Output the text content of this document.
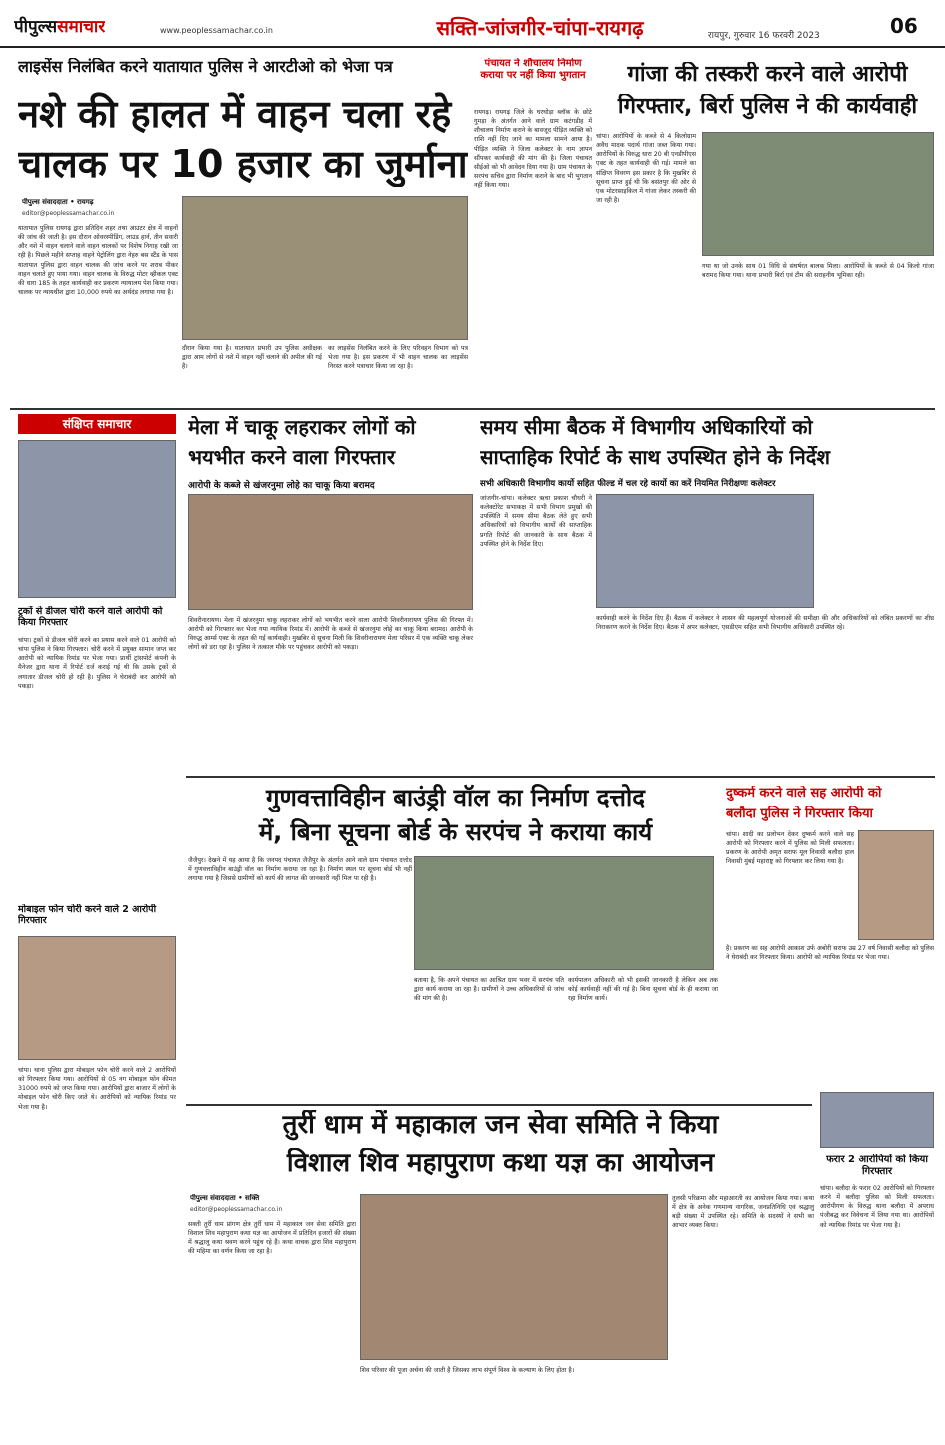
पीपुल्ससमाचार	www.peoplessamachar.co.in	सक्ति-जांजगीर-चांपा-रायगढ़	रायपुर, गुरुवार 16 फरवरी 2023	06
लाइसेंस निलंबित करने यातायात पुलिस ने आरटीओ को भेजा पत्र
नशे की हालत में वाहन चला रहे
चालक पर 10 हजार का जुर्माना
पीपुल्स संवाददाता • रायगढ़
editor@peoplessamachar.co.in
यातायात पुलिस रायगढ़ द्वारा प्रतिदिन शहर तथा आउटर क्षेत्र में वाहनों की जांच की जाती है। इस दौरान ओवरस्पीडिंग, लाउड हार्न, तीन सवारी और नशे में वाहन चलाने वाले वाहन चालकों पर विशेष निगाह रखी जा रही है। पिछले महीने सप्ताह वाहने पेट्रोलिंग द्वारा नेहरु बस स्टैंड के पास यातायात पुलिस द्वारा वाहन चालक की जांच करने पर शराब पीकर वाहन चलाते हुए पाया गया। वाहन चालक के विरुद्ध मोटर व्हीकल एक्ट की धारा 185 के तहत कार्यवाही कर प्रकरण न्यायालय पेश किया गया। चालक पर न्यायधीश द्वारा 10,000 रुपये का अर्थदंड लगाया गया है।
दौरान किया गया है। यातायात प्रभारी उप पुलिस अधीक्षक द्वारा आम लोगों से नशे में वाहन नहीं चलाने की अपील की गई है।
का लाइसेंस निलंबित करने के लिए परिवहन विभाग को पत्र भेजा गया है। इस प्रकरण में भी वाहन चालक का लाइसेंस निरस्त करने पत्राचार किया जा रहा है।
पंचायत ने शौचालय निर्माण कराया पर नहीं किया भुगतान
रायगढ़। रायगढ़ जिले के घरघोड़ा ब्लॉक के छोटे गुमड़ा के अंतर्गत आने वाले ग्राम कटंगडीह में शौचालय निर्माण कराने के बावजूद पीड़ित व्यक्ति को राशि नहीं दिए जाने का मामला सामने आया है। पीड़ित व्यक्ति ने जिला कलेक्टर के नाम ज्ञापन सौंपकर कार्यवाही की मांग की है। जिला पंचायत सीईओ को भी आवेदन दिया गया है। ग्राम पंचायत के सरपंच सचिव द्वारा निर्माण कराने के बाद भी भुगतान नहीं किया गया।
गांजा की तस्करी करने वाले आरोपी
गिरफ्तार, बिर्रा पुलिस ने की कार्यवाही
चांपा। आरोपियों के कब्जे से 4 किलोग्राम अवैध मादक पदार्थ गांजा जब्त किया गया। आरोपियों के विरुद्ध धारा 20 बी एनडीपीएस एक्ट के तहत कार्यवाही की गई। मामले का संक्षिप्त विवरण इस प्रकार है कि मुखबिर से सूचना प्राप्त हुई थी कि बसंतपुर की ओर से एक मोटरसाइकिल में गांजा लेकर तस्करी की जा रही है।
गया था जो उनके साथ 01 विधि से संघर्षरत बालक मिला। आरोपियों के कब्जे से 04 किलो गांजा बरामद किया गया। थाना प्रभारी बिर्रा एवं टीम की सराहनीय भूमिका रही।
संक्षिप्त समाचार
ट्रकों से डीजल चोरी करने वाले आरोपी को किया गिरफ्तार
चांपा। ट्रकों से डीजल चोरी करने का प्रयास करने वाले 01 आरोपी को चांपा पुलिस ने किया गिरफ्तार। चोरी करने में प्रयुक्त सामान जप्त कर आरोपी को न्यायिक रिमांड पर भेजा गया। प्रार्थी ट्रांसपोर्ट कंपनी के मैनेजर द्वारा थाना में रिपोर्ट दर्ज कराई गई थी कि उसके ट्रकों से लगातार डीजल चोरी हो रही है। पुलिस ने घेराबंदी कर आरोपी को पकड़ा।
मोबाइल फोन चोरी करने वाले 2 आरोपी गिरफ्तार
चांपा। थाना पुलिस द्वारा मोबाइल फोन चोरी करने वाले 2 आरोपियों को गिरफ्तार किया गया। आरोपियों से 05 नग मोबाइल फोन कीमत 31000 रुपये को जप्त किया गया। आरोपियों द्वारा बाजार में लोगों के मोबाइल फोन चोरी किए जाते थे। आरोपियों को न्यायिक रिमांड पर भेजा गया है।
मेला में चाकू लहराकर लोगों को
भयभीत करने वाला गिरफ्तार
आरोपी के कब्जे से खंजरनुमा लोहे का चाकू किया बरामद
शिवरीनारायण। मेला में खंजरनुमा चाकू लहराकर लोगों को भयभीत करने वाला आरोपी शिवरीनारायण पुलिस की गिरफ्त में। आरोपी को गिरफ्तार कर भेजा गया न्यायिक रिमांड में। आरोपी के कब्जे से खंजरनुमा लोहे का चाकू किया बरामद। आरोपी के विरुद्ध आर्म्स एक्ट के तहत की गई कार्यवाही। मुखबिर से सूचना मिली कि शिवरीनारायण मेला परिसर में एक व्यक्ति चाकू लेकर लोगों को डरा रहा है। पुलिस ने तत्काल मौके पर पहुंचकर आरोपी को पकड़ा।
समय सीमा बैठक में विभागीय अधिकारियों को
साप्ताहिक रिपोर्ट के साथ उपस्थित होने के निर्देश
सभी अधिकारी विभागीय कार्यो सहित फील्ड में चल रहे कार्यो का करें नियमित निरीक्षणः कलेक्टर
जांजगीर-चांपा। कलेक्टर ऋचा प्रकाश चौधरी ने कलेक्टोरेट सभाकक्ष में सभी विभाग प्रमुखों की उपस्थिति में समय सीमा बैठक लेते हुए सभी अधिकारियों को विभागीय कार्यों की साप्ताहिक प्रगति रिपोर्ट की जानकारी के साथ बैठक में उपस्थित होने के निर्देश दिए।
कार्यवाही करने के निर्देश दिए हैं। बैठक में कलेक्टर ने शासन की महत्वपूर्ण योजनाओं की समीक्षा की और अधिकारियों को लंबित प्रकरणों का शीघ्र निराकरण करने के निर्देश दिए। बैठक में अपर कलेक्टर, एसडीएम सहित सभी विभागीय अधिकारी उपस्थित रहे।
गुणवत्ताविहीन बाउंड्री वॉल का निर्माण दत्तोद
में, बिना सूचना बोर्ड के सरपंच ने कराया कार्य
जैजैपुर। देखने में यह आया है कि जनपद पंचायत जैजैपुर के अंतर्गत आने वाले ग्राम पंचायत दत्तोद में गुणवत्ताविहीन बाउंड्री वॉल का निर्माण कराया जा रहा है। निर्माण स्थल पर सूचना बोर्ड भी नहीं लगाया गया है जिससे ग्रामीणों को कार्य की लागत की जानकारी नहीं मिल पा रही है।
बताया है, कि अपने पंचायत का आश्रित ग्राम भवर में सरपंच पति द्वारा कार्य कराया जा रहा है। ग्रामीणों ने उच्च अधिकारियों से जांच की मांग की है।
कार्यपालन अधिकारी को भी इसकी जानकारी है लेकिन अब तक कोई कार्यवाही नहीं की गई है। बिना सूचना बोर्ड के ही कराया जा रहा निर्माण कार्य।
दुष्कर्म करने वाले सह आरोपी को
बलौदा पुलिस ने गिरफ्तार किया
चांपा। शादी का प्रलोभन देकर दुष्कर्म करने वाले सह आरोपी को गिरफ्तार करने में पुलिस को मिली सफलता। प्रकरण के आरोपी अमृत सराफ मूल निवासी बलौदा हाल निवासी मुंबई महाराष्ट्र को गिरफ्तार कर लिया गया है।
है। प्रकरण का सह आरोपी आकाश उर्फ अबोरी सराफ उम्र 27 वर्ष निवासी बलौदा को पुलिस ने घेराबंदी कर गिरफ्तार किया। आरोपी को न्यायिक रिमांड पर भेजा गया।
फरार 2 आरोपियों को किया गिरफ्तार
चांपा। बलौदा के फरार 02 आरोपियों को गिरफ्तार करने में बलौदा पुलिस को मिली सफलता। आरोपीगण के विरुद्ध थाना बलौदा में अपराध पंजीबद्ध कर विवेचना में लिया गया था। आरोपियों को न्यायिक रिमांड पर भेजा गया है।
तुर्री धाम में महाकाल जन सेवा समिति ने किया
विशाल शिव महापुराण कथा यज्ञ का आयोजन
पीपुल्स संवाददाता • सक्ति
editor@peoplessamachar.co.in
सक्ती तुर्री धाम प्रांगण क्षेत्र तुर्री धाम में महाकाल जन सेवा समिति द्वारा विशाल शिव महापुराण कथा यज्ञ का आयोजन में प्रतिदिन हजारों की संख्या में श्रद्धालु कथा श्रवण करने पहुंच रहे हैं। कथा वाचक द्वारा शिव महापुराण की महिमा का वर्णन किया जा रहा है।
शिव परिवार की पूजा अर्चना की जाती है जिसका लाभ संपूर्ण विश्व के कल्याण के लिए होता है।
तुलसी परिक्रमा और महाआरती का आयोजन किया गया। कथा में क्षेत्र के अनेक गणमान्य नागरिक, जनप्रतिनिधि एवं श्रद्धालु बड़ी संख्या में उपस्थित रहे। समिति के सदस्यों ने सभी का आभार व्यक्त किया।
